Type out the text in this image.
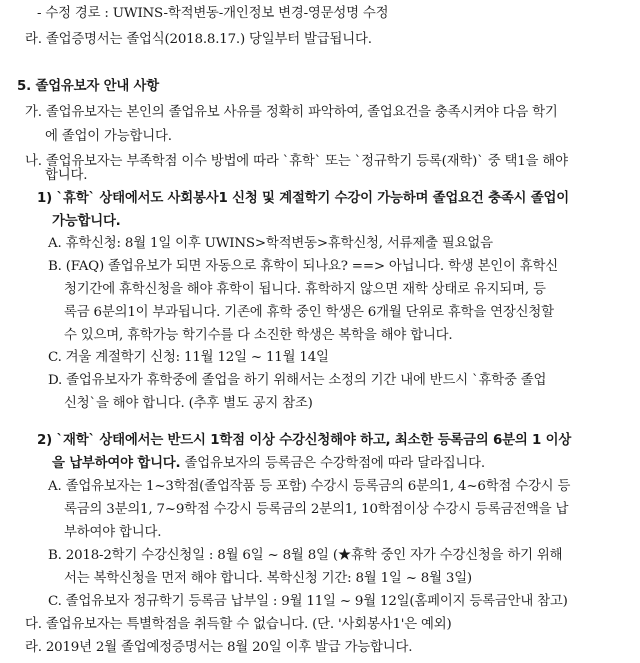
- 수정 경로 : UWINS-학적변동-개인정보 변경-영문성명 수정
라. 졸업증명서는 졸업식(2018.8.17.) 당일부터 발급됩니다.
5. 졸업유보자 안내 사항
가. 졸업유보자는 본인의 졸업유보 사유를 정확히 파악하여, 졸업요건을 충족시켜야 다음 학기
에 졸업이 가능합니다.
나. 졸업유보자는 부족학점 이수 방법에 따라 `휴학` 또는 `정규학기 등록(재학)` 중 택1을 해야
합니다.
1) `휴학` 상태에서도 사회봉사1 신청 및 계절학기 수강이 가능하며 졸업요건 충족시 졸업이
가능합니다.
A. 휴학신청: 8월 1일 이후 UWINS>학적변동>휴학신청, 서류제출 필요없음
B. (FAQ) 졸업유보가 되면 자동으로 휴학이 되나요? ==> 아닙니다. 학생 본인이 휴학신
청기간에 휴학신청을 해야 휴학이 됩니다. 휴학하지 않으면 재학 상태로 유지되며, 등
록금 6분의1이 부과됩니다. 기존에 휴학 중인 학생은 6개월 단위로 휴학을 연장신청할
수 있으며, 휴학가능 학기수를 다 소진한 학생은 복학을 해야 합니다.
C. 겨울 계절학기 신청: 11월 12일 ~ 11월 14일
D. 졸업유보자가 휴학중에 졸업을 하기 위해서는 소정의 기간 내에 반드시 `휴학중 졸업
신청`을 해야 합니다. (추후 별도 공지 참조)
2) `재학` 상태에서는 반드시 1학점 이상 수강신청해야 하고, 최소한 등록금의 6분의 1 이상
을 납부하여야 합니다. 졸업유보자의 등록금은 수강학점에 따라 달라집니다.
A. 졸업유보자는 1~3학점(졸업작품 등 포함) 수강시 등록금의 6분의1, 4~6학점 수강시 등
록금의 3분의1, 7~9학점 수강시 등록금의 2분의1, 10학점이상 수강시 등록금전액을 납
부하여야 합니다.
B. 2018-2학기 수강신청일 : 8월 6일 ~ 8월 8일 (★휴학 중인 자가 수강신청을 하기 위해
서는 복학신청을 먼저 해야 합니다. 복학신청 기간: 8월 1일 ~ 8월 3일)
C. 졸업유보자 정규학기 등록금 납부일 : 9월 11일 ~ 9월 12일(홈페이지 등록금안내 참고)
다. 졸업유보자는 특별학점을 취득할 수 없습니다. (단. '사회봉사1'은 예외)
라. 2019년 2월 졸업예정증명서는 8월 20일 이후 발급 가능합니다.
